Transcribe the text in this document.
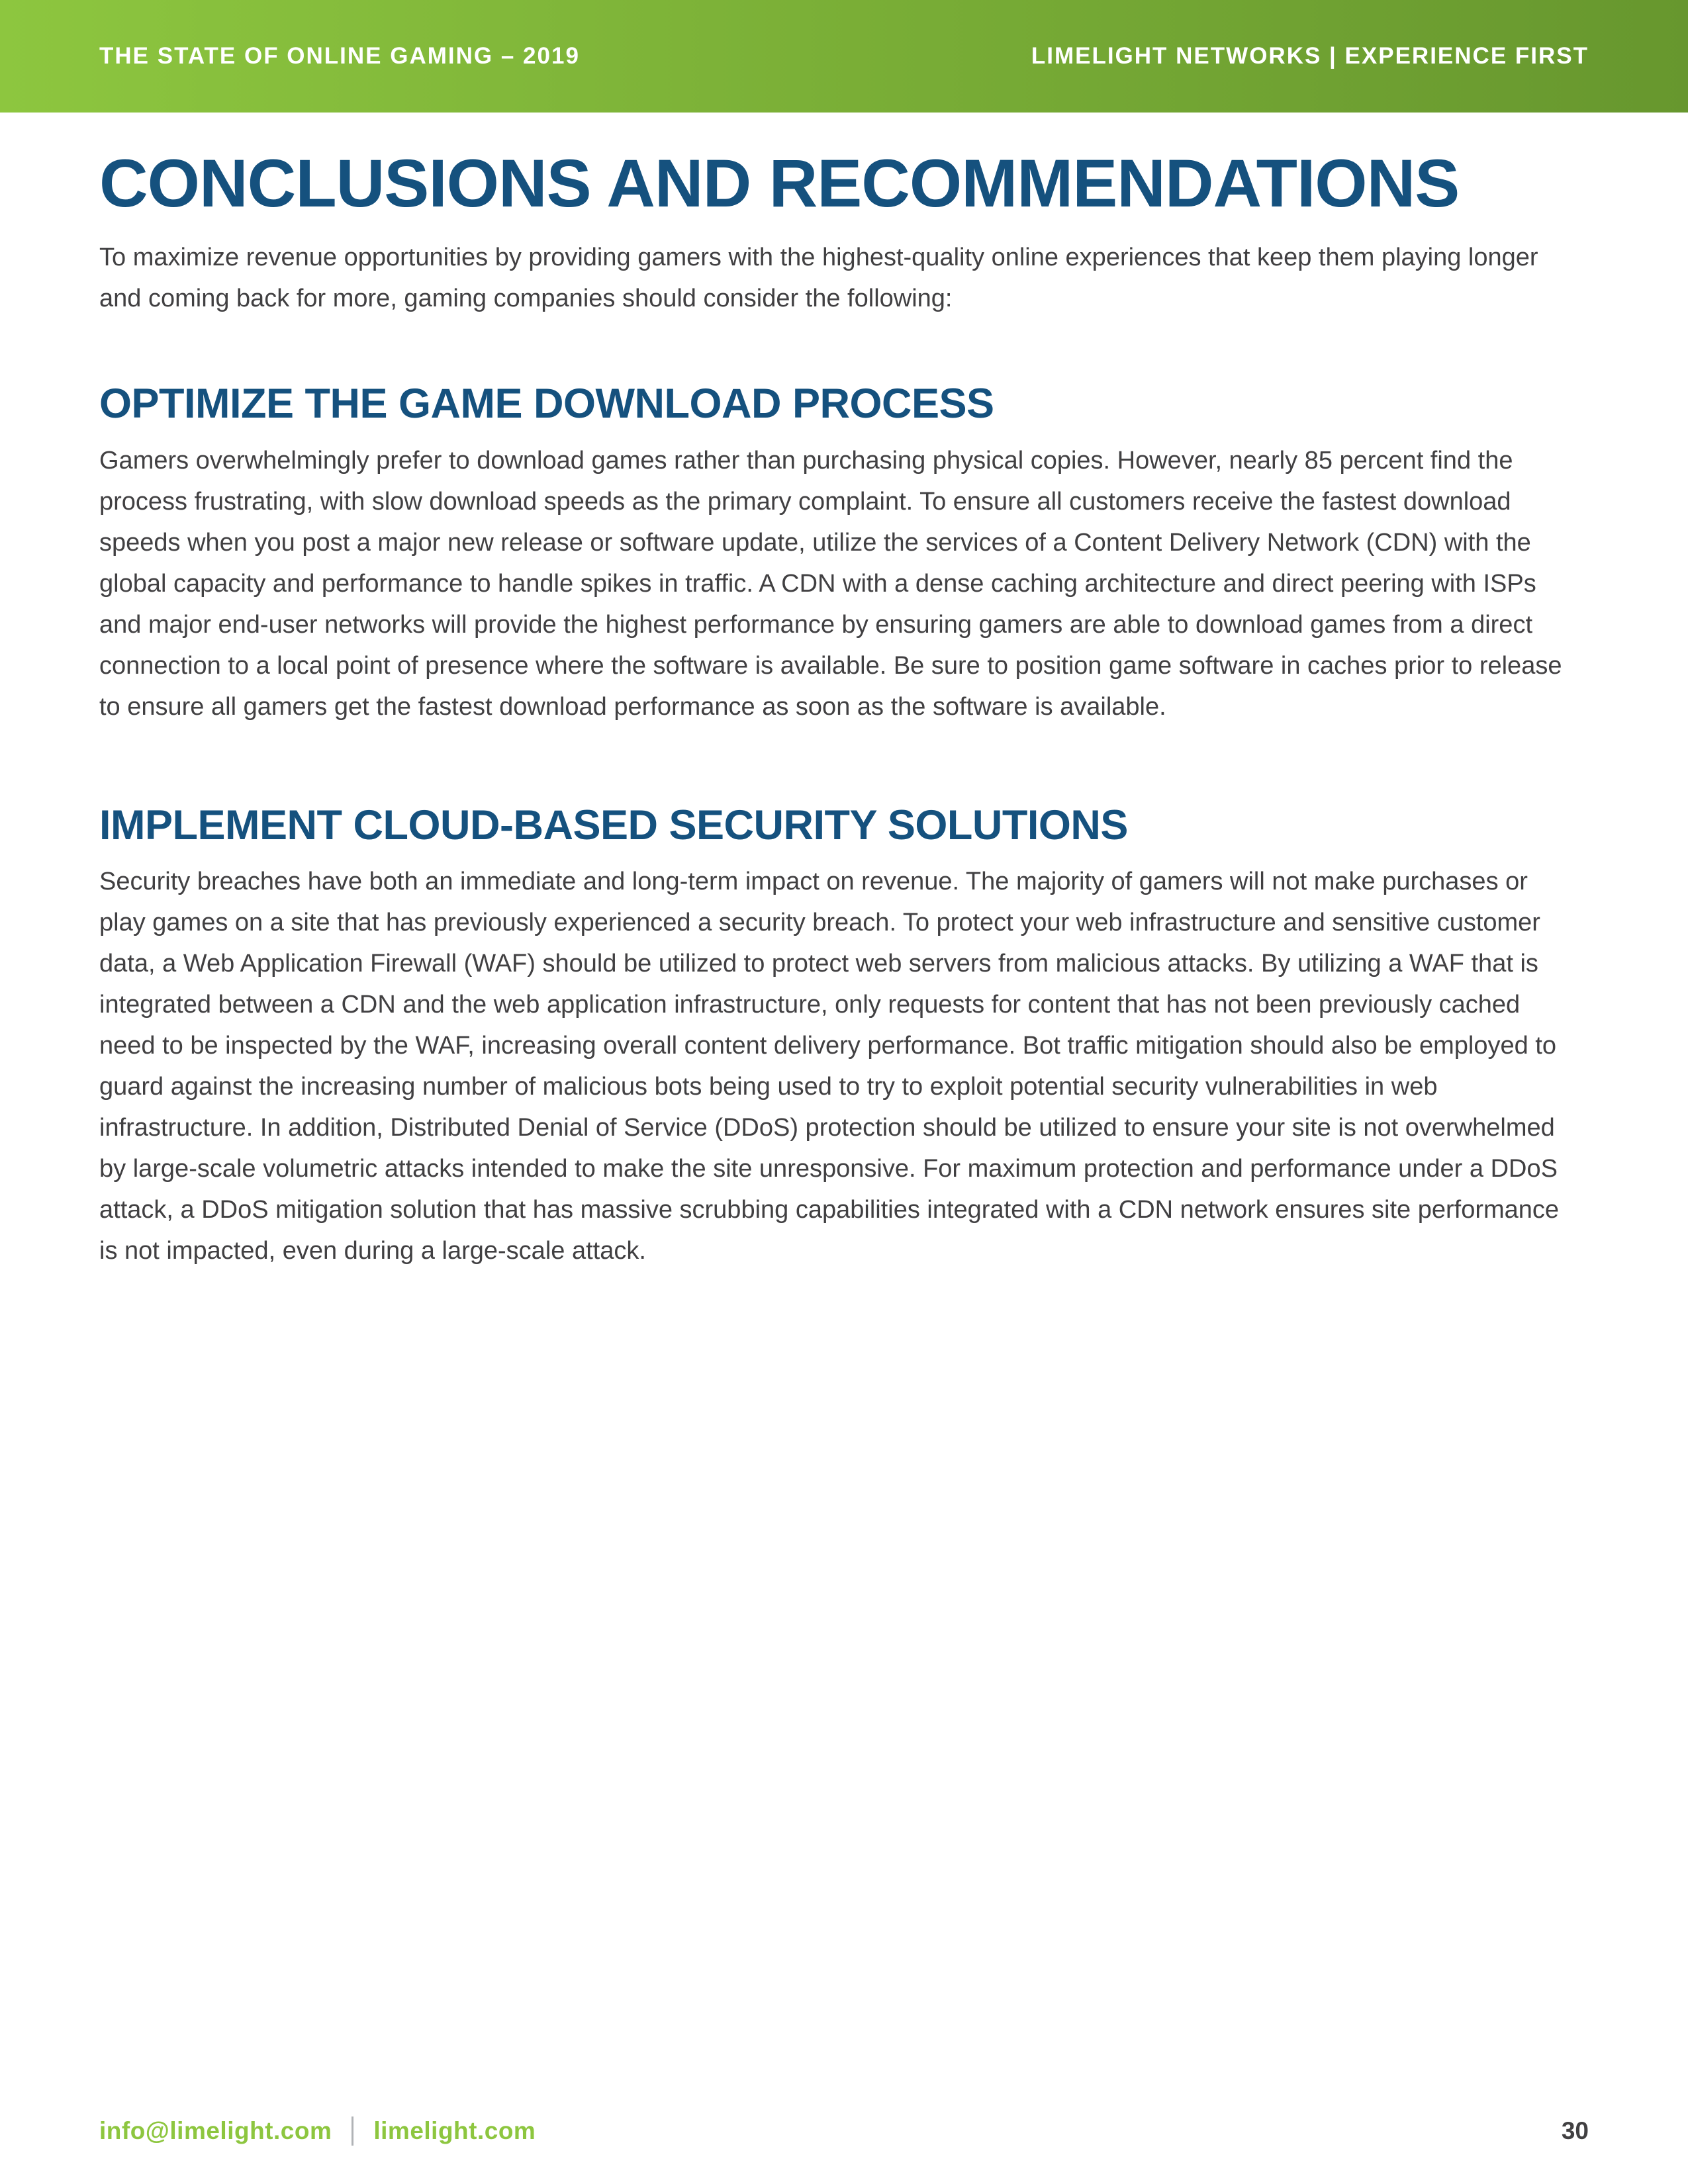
THE STATE OF ONLINE GAMING – 2019	LIMELIGHT NETWORKS | EXPERIENCE FIRST
CONCLUSIONS AND RECOMMENDATIONS

To maximize revenue opportunities by providing gamers with the highest-quality online experiences that keep them playing longer and coming back for more, gaming companies should consider the following:

OPTIMIZE THE GAME DOWNLOAD PROCESS

Gamers overwhelmingly prefer to download games rather than purchasing physical copies. However, nearly 85 percent find the process frustrating, with slow download speeds as the primary complaint. To ensure all customers receive the fastest download speeds when you post a major new release or software update, utilize the services of a Content Delivery Network (CDN) with the global capacity and performance to handle spikes in traffic. A CDN with a dense caching architecture and direct peering with ISPs and major end-user networks will provide the highest performance by ensuring gamers are able to download games from a direct connection to a local point of presence where the software is available. Be sure to position game software in caches prior to release to ensure all gamers get the fastest download performance as soon as the software is available.

IMPLEMENT CLOUD-BASED SECURITY SOLUTIONS

Security breaches have both an immediate and long-term impact on revenue. The majority of gamers will not make purchases or play games on a site that has previously experienced a security breach. To protect your web infrastructure and sensitive customer data, a Web Application Firewall (WAF) should be utilized to protect web servers from malicious attacks. By utilizing a WAF that is integrated between a CDN and the web application infrastructure, only requests for content that has not been previously cached need to be inspected by the WAF, increasing overall content delivery performance. Bot traffic mitigation should also be employed to guard against the increasing number of malicious bots being used to try to exploit potential security vulnerabilities in web infrastructure. In addition, Distributed Denial of Service (DDoS) protection should be utilized to ensure your site is not overwhelmed by large-scale volumetric attacks intended to make the site unresponsive. For maximum protection and performance under a DDoS attack, a DDoS mitigation solution that has massive scrubbing capabilities integrated with a CDN network ensures site performance is not impacted, even during a large-scale attack.

info@limelight.com limelight.com	30
